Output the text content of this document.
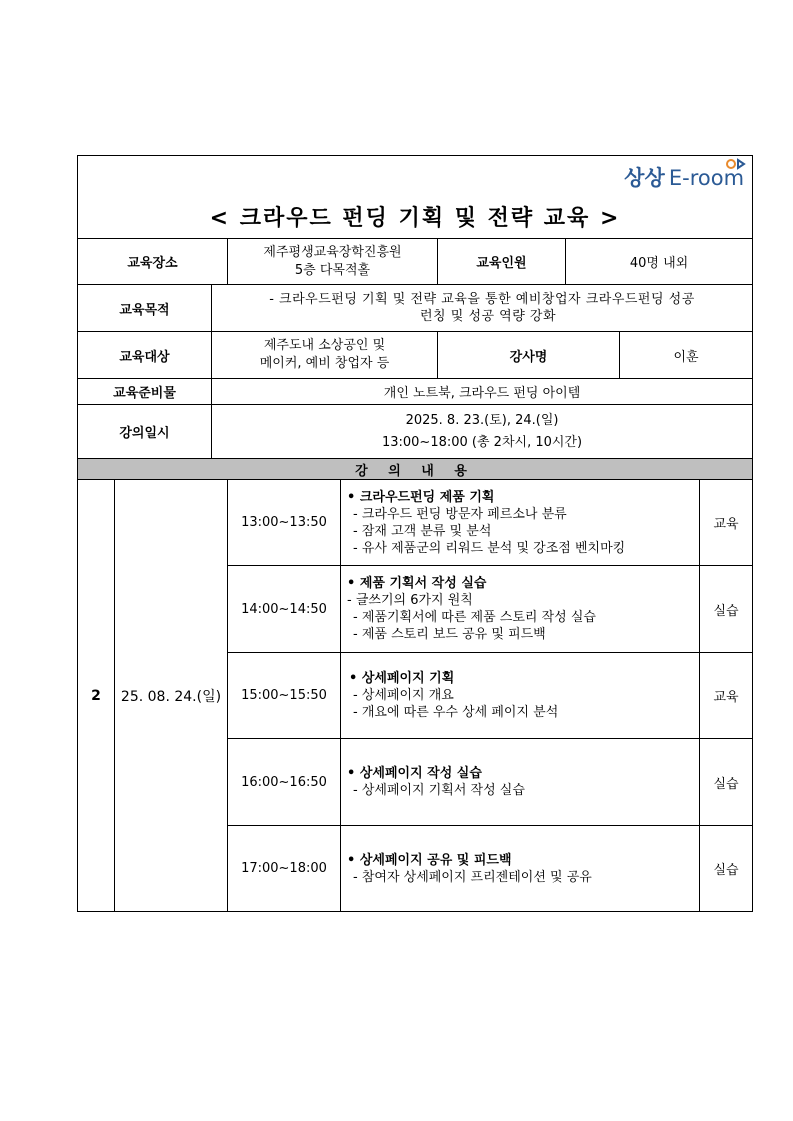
상상 E-room
< 크라우드 펀딩 기획 및 전략 교육 >								

교육장소			제주평생교육장학진흥원
5층 다목적홀		교육인원	40명 내외		
교육목적		- 크라우드펀딩 기획 및 전략 교육을 통한 예비창업자 크라우드펀딩 성공
런칭 및 성공 역량 강화						

교육대상		제주도내 소상공인 및
메이커, 예비 창업자 등			강사명		이훈	
교육준비물		개인 노트북, 크라우드 펀딩 아이템						
강의일시		2025. 8. 23.(토), 24.(일)
13:00~18:00 (총 2차시, 10시간)						

강 의 내 용								
2	25. 08. 24.(일)		13:00~13:50	• 크라우드펀딩 제품 기획
- 크라우드 펀딩 방문자 페르소나 분류
- 잠재 고객 분류 및 분석
- 유사 제품군의 리워드 분석 및 강조점 벤치마킹				교육
			14:00~14:50	• 제품 기획서 작성 실습
- 글쓰기의 6가지 원칙
- 제품기획서에 따른 제품 스토리 작성 실습
- 제품 스토리 보드 공유 및 피드백				실습
			15:00~15:50	• 상세페이지 기획
- 상세페이지 개요
- 개요에 따른 우수 상세 페이지 분석				교육
			16:00~16:50	• 상세페이지 작성 실습
- 상세페이지 기획서 작성 실습				실습
			17:00~18:00	• 상세페이지 공유 및 피드백
- 참여자 상세페이지 프리젠테이션 및 공유				실습
